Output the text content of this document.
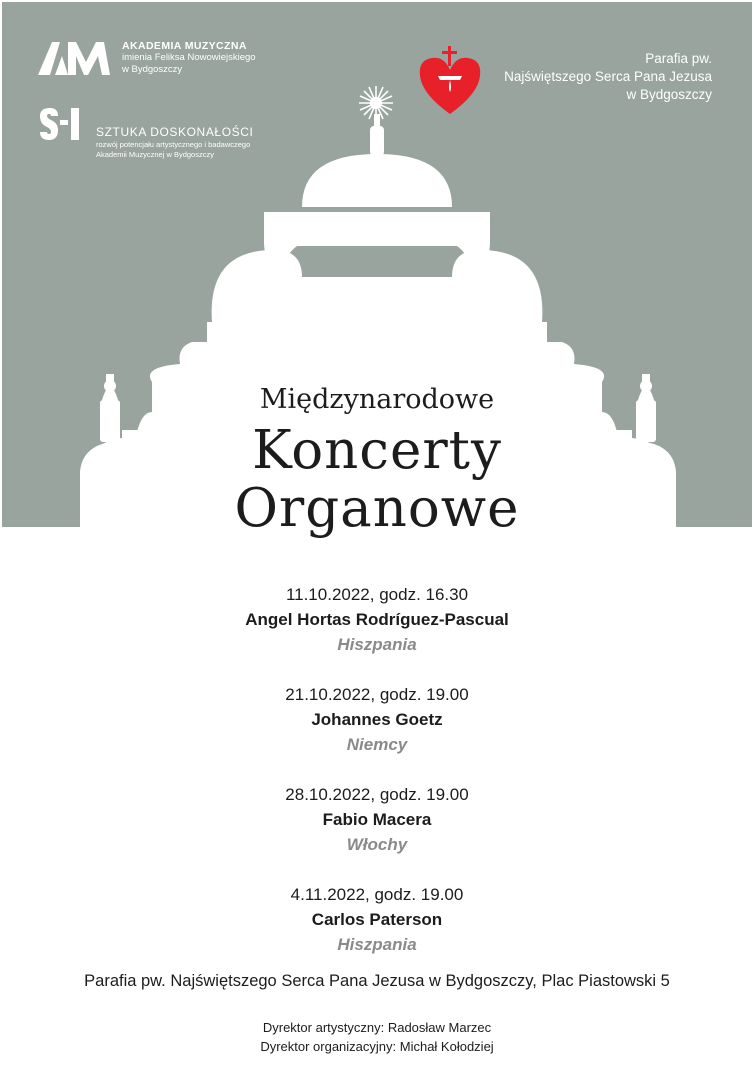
AKADEMIA MUZYCZNA
imienia Feliksa Nowowiejskiego
w Bydgoszczy
SZTUKA DOSKONAŁOŚCI
rozwój potencjału artystycznego i badawczego
Akademii Muzycznej w Bydgoszczy
Parafia pw.
Najświętszego Serca Pana Jezusa
w Bydgoszczy
Międzynarodowe
Koncerty
Organowe
11.10.2022, godz. 16.30
Angel Hortas Rodríguez-Pascual
Hiszpania
21.10.2022, godz. 19.00
Johannes Goetz
Niemcy
28.10.2022, godz. 19.00
Fabio Macera
Włochy
4.11.2022, godz. 19.00
Carlos Paterson
Hiszpania
Parafia pw. Najświętszego Serca Pana Jezusa w Bydgoszczy, Plac Piastowski 5
Dyrektor artystyczny: Radosław Marzec
Dyrektor organizacyjny: Michał Kołodziej
